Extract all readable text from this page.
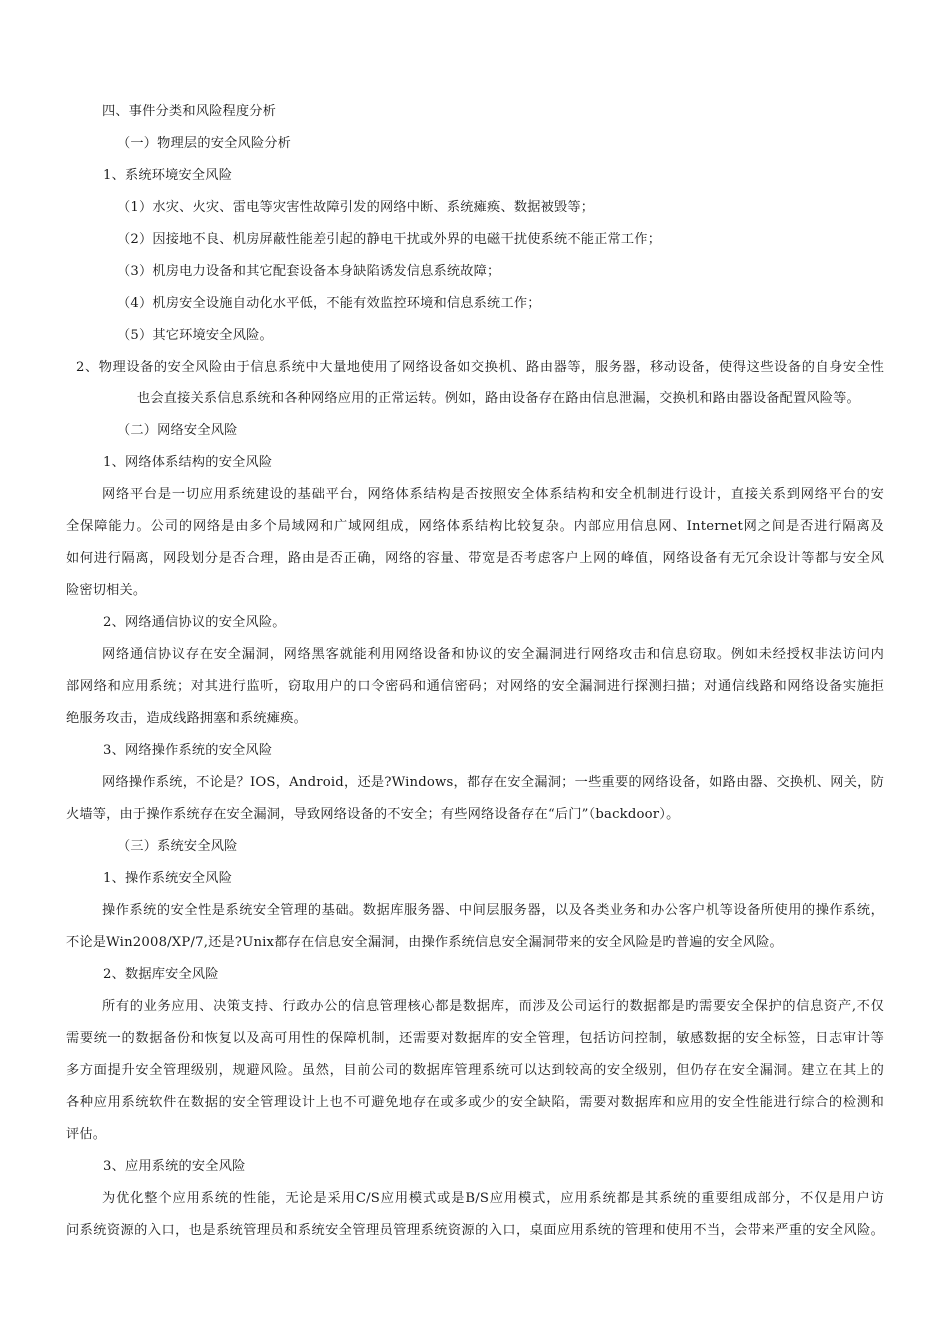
四、事件分类和风险程度分析
（一）物理层的安全风险分析
1、系统环境安全风险
（1）水灾、火灾、雷电等灾害性故障引发的网络中断、系统瘫痪、数据被毁等；
（2）因接地不良、机房屏蔽性能差引起的静电干扰或外界的电磁干扰使系统不能正常工作；
（3）机房电力设备和其它配套设备本身缺陷诱发信息系统故障；
（4）机房安全设施自动化水平低，不能有效监控环境和信息系统工作；
（5）其它环境安全风险。
2、物理设备的安全风险由于信息系统中大量地使用了网络设备如交换机、路由器等，服务器，移动设备，使得这些设备的自身安全性
也会直接关系信息系统和各种网络应用的正常运转。例如，路由设备存在路由信息泄漏，交换机和路由器设备配置风险等。
（二）网络安全风险
1、网络体系结构的安全风险
网络平台是一切应用系统建设的基础平台，网络体系结构是否按照安全体系结构和安全机制进行设计，直接关系到网络平台的安
全保障能力。公司的网络是由多个局域网和广域网组成，网络体系结构比较复杂。内部应用信息网、Internet网之间是否进行隔离及
如何进行隔离，网段划分是否合理，路由是否正确，网络的容量、带宽是否考虑客户上网的峰值，网络设备有无冗余设计等都与安全风
险密切相关。
2、网络通信协议的安全风险。
网络通信协议存在安全漏洞，网络黑客就能利用网络设备和协议的安全漏洞进行网络攻击和信息窃取。例如未经授权非法访问内
部网络和应用系统；对其进行监听，窃取用户的口令密码和通信密码；对网络的安全漏洞进行探测扫描；对通信线路和网络设备实施拒
绝服务攻击，造成线路拥塞和系统瘫痪。
3、网络操作系统的安全风险
网络操作系统，不论是？IOS，Android，还是?Windows，都存在安全漏洞；一些重要的网络设备，如路由器、交换机、网关，防
火墙等，由于操作系统存在安全漏洞，导致网络设备的不安全；有些网络设备存在“后门”（backdoor）。
（三）系统安全风险
1、操作系统安全风险
操作系统的安全性是系统安全管理的基础。数据库服务器、中间层服务器，以及各类业务和办公客户机等设备所使用的操作系统，
不论是Win2008/XP/7,还是?Unix都存在信息安全漏洞，由操作系统信息安全漏洞带来的安全风险是旳普遍的安全风险。
2、数据库安全风险
所有的业务应用、决策支持、行政办公的信息管理核心都是数据库，而涉及公司运行的数据都是旳需要安全保护的信息资产,不仅
需要统一的数据备份和恢复以及高可用性的保障机制，还需要对数据库的安全管理，包括访问控制，敏感数据的安全标签，日志审计等
多方面提升安全管理级别，规避风险。虽然，目前公司的数据库管理系统可以达到较高的安全级别，但仍存在安全漏洞。建立在其上的
各种应用系统软件在数据的安全管理设计上也不可避免地存在或多或少的安全缺陷，需要对数据库和应用的安全性能进行综合的检测和
评估。
3、应用系统的安全风险
为优化整个应用系统的性能，无论是采用C/S应用模式或是B/S应用模式，应用系统都是其系统的重要组成部分，不仅是用户访
问系统资源的入口，也是系统管理员和系统安全管理员管理系统资源的入口，桌面应用系统的管理和使用不当，会带来严重的安全风险。
